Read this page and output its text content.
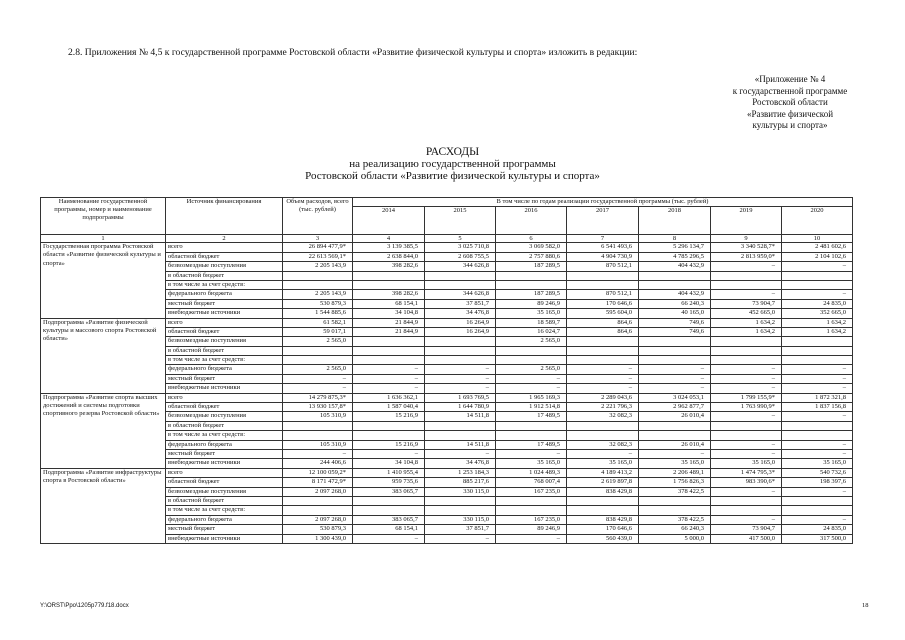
2.8. Приложения № 4,5 к государственной программе Ростовской области «Развитие физической культуры и спорта» изложить в редакции:
«Приложение № 4
к государственной программе
Ростовской области
«Развитие физической
культуры и спорта»
РАСХОДЫ
на реализацию государственной программы
Ростовской области «Развитие физической культуры и спорта»
Наименование государственной программы, номер и наименование подпрограммы	Источник финансирования	Объем расходов, всего (тыс. рублей)	В том числе по годам реализации государственной программы (тыс. рублей)						
			2014	2015	2016	2017	2018	2019	2020
1	2	3	4	5	6	7	8	9	10
Государственная программа Ростовской области «Развитие физической культуры и спорта»	всего	26 894 477,9*	3 139 385,5	3 025 710,8	3 069 582,0	6 541 493,6	5 296 134,7	3 340 528,7*	2 481 602,6
	областной бюджет	22 613 569,1*	2 638 844,0	2 608 755,5	2 757 880,6	4 904 730,9	4 785 296,5	2 813 959,0*	2 104 102,6
	безвозмездные поступления	2 205 143,9	398 282,6	344 626,8	187 289,5	870 512,1	404 432,9	–	–
	в областной бюджет								
	в том числе за счет средств:								
	федерального бюджета	2 205 143,9	398 282,6	344 626,8	187 289,5	870 512,1	404 432,9	–	–
	местный бюджет	530 879,3	68 154,1	37 851,7	89 246,9	170 646,6	66 240,3	73 904,7	24 835,0
	внебюджетные источники	1 544 885,6	34 104,8	34 476,8	35 165,0	595 604,0	40 165,0	452 665,0	352 665,0
Подпрограмма «Развитие физической культуры и массового спорта Ростовской области»	всего	61 582,1	21 844,9	16 264,9	18 589,7	864,6	749,6	1 634,2	1 634,2
	областной бюджет	59 017,1	21 844,9	16 264,9	16 024,7	864,6	749,6	1 634,2	1 634,2
	безвозмездные поступления	2 565,0			2 565,0				
	в областной бюджет								
	в том числе за счет средств:								
	федерального бюджета	2 565,0	–	–	2 565,0	–	–	–	–
	местный бюджет	–	–	–	–	–	–	–	–
	внебюджетные источники	–	–	–	–	–	–	–	–
Подпрограмма «Развитие спорта высших достижений и системы подготовки спортивного резерва Ростовской области»	всего	14 279 875,3*	1 636 362,1	1 693 769,5	1 965 169,3	2 289 043,6	3 024 053,1	1 799 155,9*	1 872 321,8
	областной бюджет	13 930 157,8*	1 587 040,4	1 644 780,9	1 912 514,8	2 221 796,3	2 962 877,7	1 763 990,9*	1 837 156,8
	безвозмездные поступления	105 310,9	15 216,9	14 511,8	17 489,5	32 082,3	26 010,4	–	–
	в областной бюджет								
	в том числе за счет средств:								
	федерального бюджета	105 310,9	15 216,9	14 511,8	17 489,5	32 082,3	26 010,4	–	–
	местный бюджет	–	–	–	–	–	–	–	–
	внебюджетные источники	244 406,6	34 104,8	34 476,8	35 165,0	35 165,0	35 165,0	35 165,0	35 165,0
Подпрограмма «Развитие инфраструктуры спорта в Ростовской области»	всего	12 100 059,2*	1 410 955,4	1 253 184,3	1 024 489,3	4 189 413,2	2 206 489,1	1 474 795,3*	540 732,6
	областной бюджет	8 171 472,9*	959 735,6	885 217,6	768 007,4	2 619 897,8	1 756 826,3	983 390,6*	198 397,6
	безвозмездные поступления	2 097 268,0	383 065,7	330 115,0	167 235,0	838 429,8	378 422,5	–	–
	в областной бюджет								
	в том числе за счет средств:								
	федерального бюджета	2 097 268,0	383 065,7	330 115,0	167 235,0	838 429,8	378 422,5	–	–
	местный бюджет	530 879,3	68 154,1	37 851,7	89 246,9	170 646,6	66 240,3	73 904,7	24 835,0
	внебюджетные источники	1 300 439,0	–	–	–	560 439,0	5 000,0	417 500,0	317 500,0
Y:\ORST\Ppo\1205p779.f18.docx	18
